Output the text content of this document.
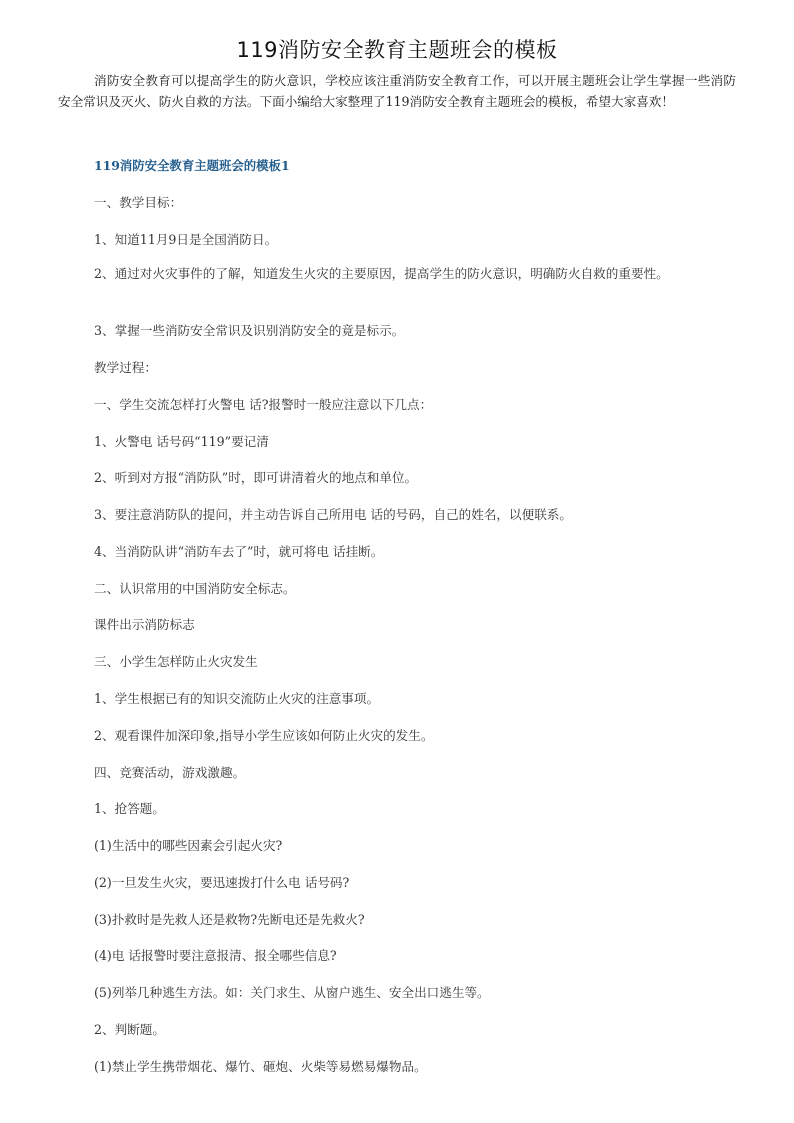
119消防安全教育主题班会的模板
消防安全教育可以提高学生的防火意识，学校应该注重消防安全教育工作，可以开展主题班会让学生掌握一些消防安全常识及灭火、防火自救的方法。下面小编给大家整理了119消防安全教育主题班会的模板，希望大家喜欢！
119消防安全教育主题班会的模板1
一、教学目标：
1、知道11月9日是全国消防日。
2、通过对火灾事件的了解，知道发生火灾的主要原因，提高学生的防火意识，明确防火自救的重要性。
3、掌握一些消防安全常识及识别消防安全的竟是标示。
教学过程：
一、学生交流怎样打火警电 话?报警时一般应注意以下几点：
1、火警电 话号码“119”要记清
2、听到对方报“消防队”时，即可讲清着火的地点和单位。
3、要注意消防队的提问，并主动告诉自己所用电 话的号码，自己的姓名，以便联系。
4、当消防队讲“消防车去了”时，就可将电 话挂断。
二、认识常用的中国消防安全标志。
课件出示消防标志
三、小学生怎样防止火灾发生
1、学生根据已有的知识交流防止火灾的注意事项。
2、观看课件加深印象,指导小学生应该如何防止火灾的发生。
四、竞赛活动，游戏激趣。
1、抢答题。
(1)生活中的哪些因素会引起火灾?
(2)一旦发生火灾，要迅速拨打什么电 话号码?
(3)扑救时是先救人还是救物?先断电还是先救火?
(4)电 话报警时要注意报清、报全哪些信息?
(5)列举几种逃生方法。如：关门求生、从窗户逃生、安全出口逃生等。
2、判断题。
(1)禁止学生携带烟花、爆竹、砸炮、火柴等易燃易爆物品。
